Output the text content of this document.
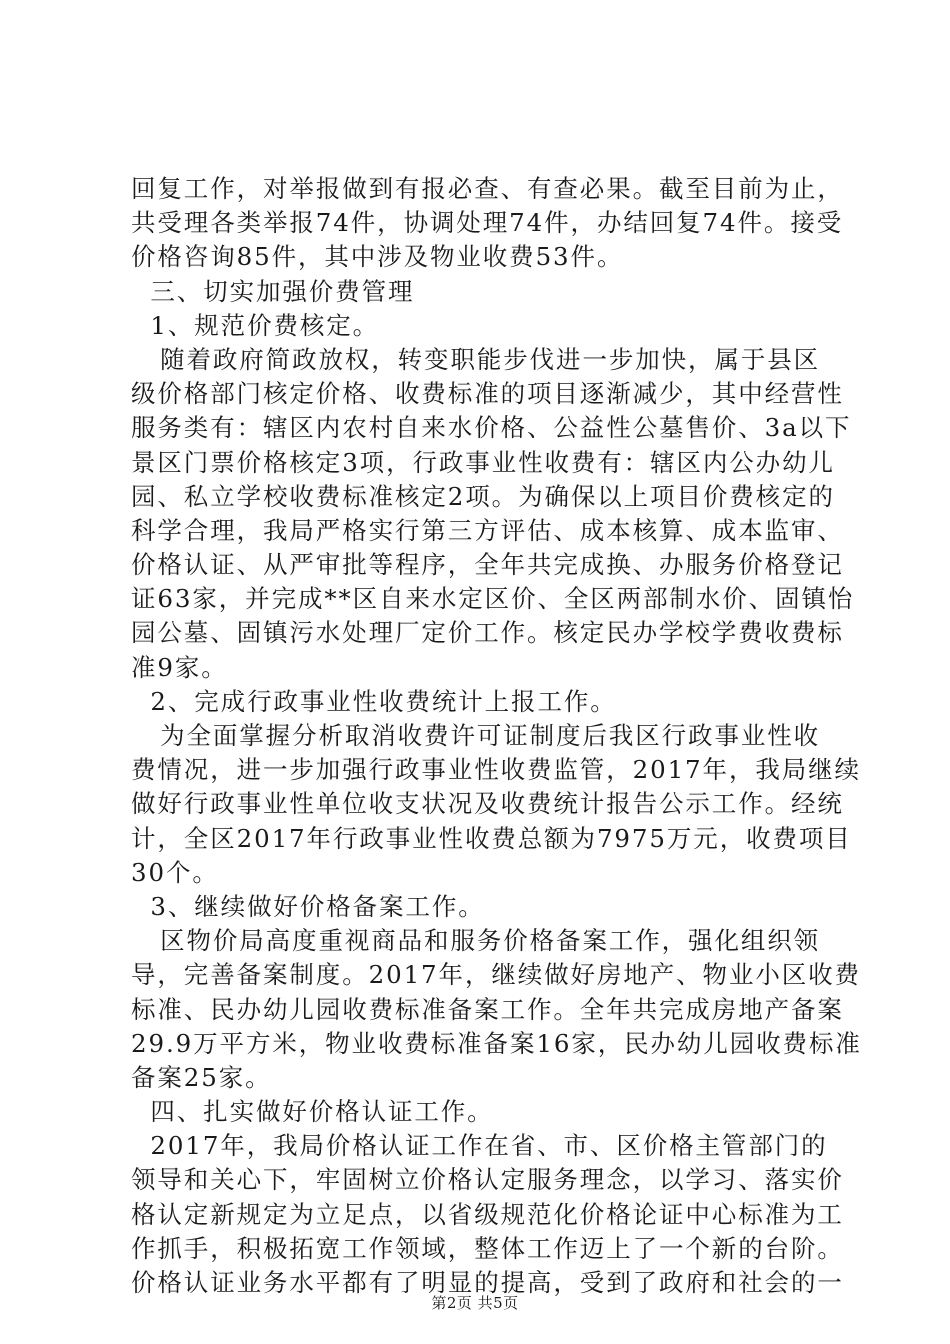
回复工作，对举报做到有报必查、有查必果。截至目前为止，
共受理各类举报74件，协调处理74件，办结回复74件。接受
价格咨询85件，其中涉及物业收费53件。
三、切实加强价费管理
1、规范价费核定。
随着政府简政放权，转变职能步伐进一步加快，属于县区
级价格部门核定价格、收费标准的项目逐渐减少，其中经营性
服务类有：辖区内农村自来水价格、公益性公墓售价、3a以下
景区门票价格核定3项，行政事业性收费有：辖区内公办幼儿
园、私立学校收费标准核定2项。为确保以上项目价费核定的
科学合理，我局严格实行第三方评估、成本核算、成本监审、
价格认证、从严审批等程序，全年共完成换、办服务价格登记
证63家，并完成**区自来水定区价、全区两部制水价、固镇怡
园公墓、固镇污水处理厂定价工作。核定民办学校学费收费标
准9家。
2、完成行政事业性收费统计上报工作。
为全面掌握分析取消收费许可证制度后我区行政事业性收
费情况，进一步加强行政事业性收费监管，2017年，我局继续
做好行政事业性单位收支状况及收费统计报告公示工作。经统
计，全区2017年行政事业性收费总额为7975万元，收费项目
30个。
3、继续做好价格备案工作。
区物价局高度重视商品和服务价格备案工作，强化组织领
导，完善备案制度。2017年，继续做好房地产、物业小区收费
标准、民办幼儿园收费标准备案工作。全年共完成房地产备案
29.9万平方米，物业收费标准备案16家，民办幼儿园收费标准
备案25家。
四、扎实做好价格认证工作。
2017年，我局价格认证工作在省、市、区价格主管部门的
领导和关心下，牢固树立价格认定服务理念，以学习、落实价
格认定新规定为立足点，以省级规范化价格论证中心标准为工
作抓手，积极拓宽工作领域，整体工作迈上了一个新的台阶。
价格认证业务水平都有了明显的提高，受到了政府和社会的一
第2页 共5页
